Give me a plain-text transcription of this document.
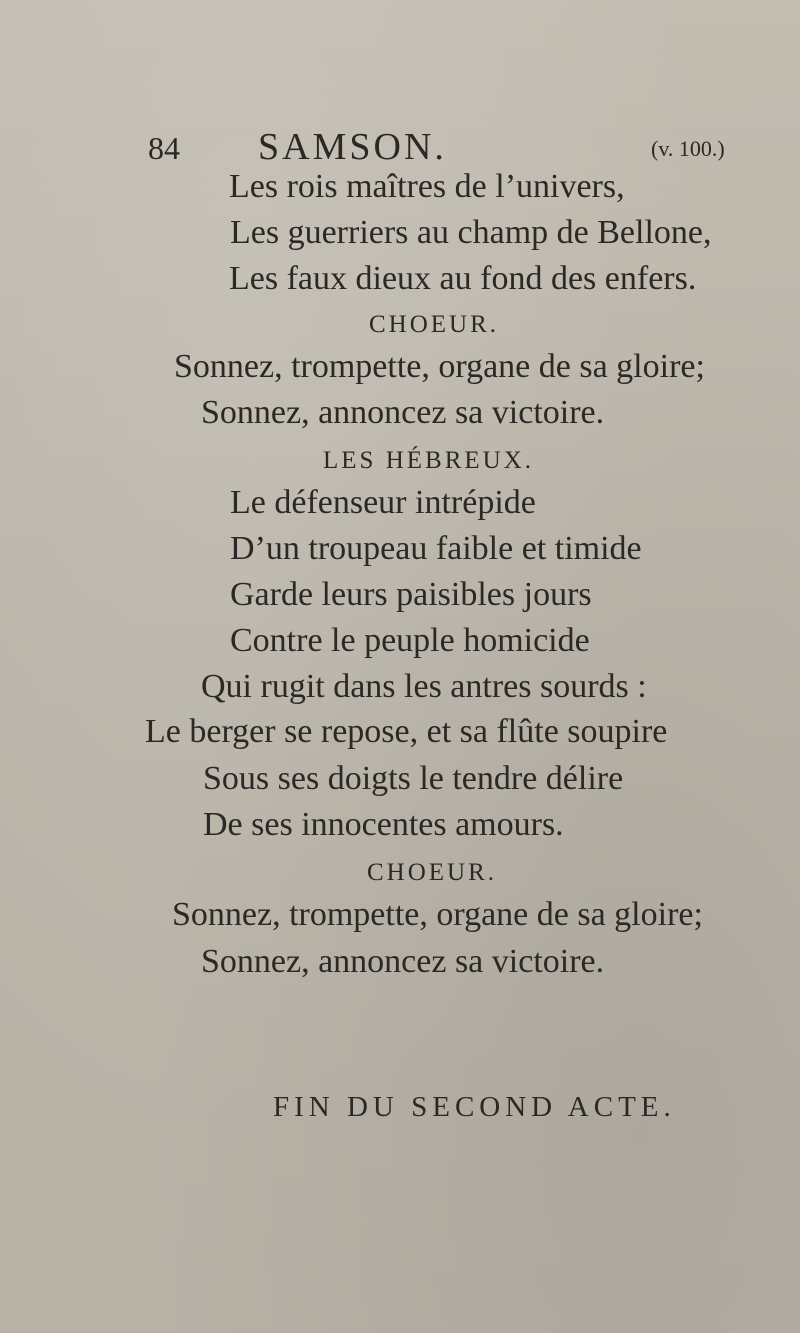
84 SAMSON.	(v. 100.)
Les rois maîtres de l’univers,
Les guerriers au champ de Bellone,
Les faux dieux au fond des enfers.
CHOEUR.
Sonnez, trompette, organe de sa gloire;
Sonnez, annoncez sa victoire.
LES HÉBREUX.
Le défenseur intrépide
D’un troupeau faible et timide
Garde leurs paisibles jours
Contre le peuple homicide
Qui rugit dans les antres sourds :
Le berger se repose, et sa flûte soupire
Sous ses doigts le tendre délire
De ses innocentes amours.
CHOEUR.
Sonnez, trompette, organe de sa gloire;
Sonnez, annoncez sa victoire.
FIN DU SECOND ACTE.
